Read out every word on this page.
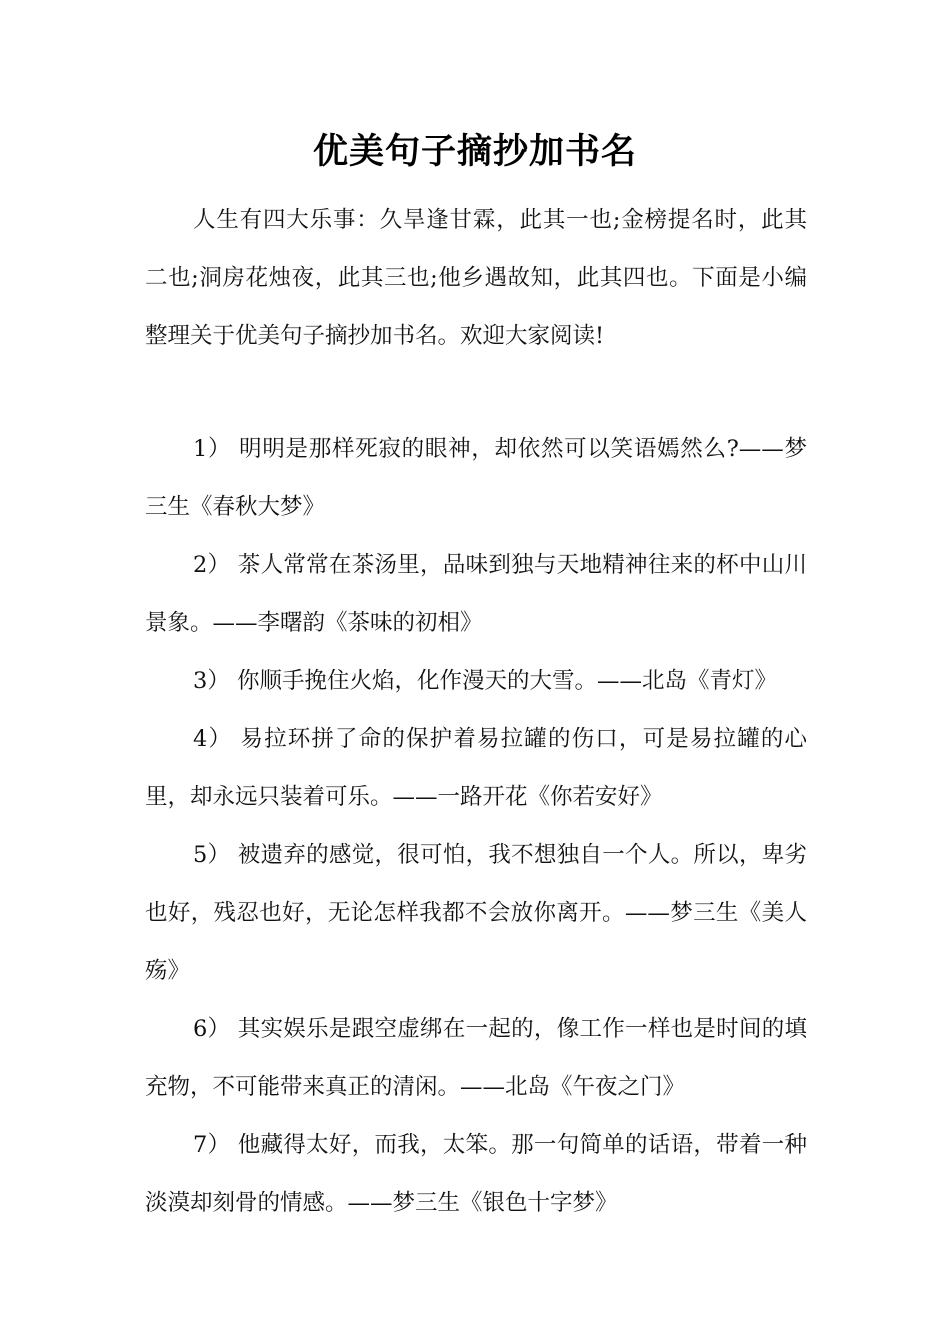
优美句子摘抄加书名

人生有四大乐事：久旱逢甘霖，此其一也;金榜提名时，此其二也;洞房花烛夜，此其三也;他乡遇故知，此其四也。下面是小编整理关于优美句子摘抄加书名。欢迎大家阅读!

1） 明明是那样死寂的眼神，却依然可以笑语嫣然么?——梦三生《春秋大梦》

2） 茶人常常在茶汤里，品味到独与天地精神往来的杯中山川景象。——李曙韵《茶味的初相》

3） 你顺手挽住火焰，化作漫天的大雪。——北岛《青灯》

4） 易拉环拼了命的保护着易拉罐的伤口，可是易拉罐的心里，却永远只装着可乐。——一路开花《你若安好》

5） 被遗弃的感觉，很可怕，我不想独自一个人。所以，卑劣也好，残忍也好，无论怎样我都不会放你离开。——梦三生《美人殇》

6） 其实娱乐是跟空虚绑在一起的，像工作一样也是时间的填充物，不可能带来真正的清闲。——北岛《午夜之门》

7） 他藏得太好，而我，太笨。那一句简单的话语，带着一种淡漠却刻骨的情感。——梦三生《银色十字梦》
